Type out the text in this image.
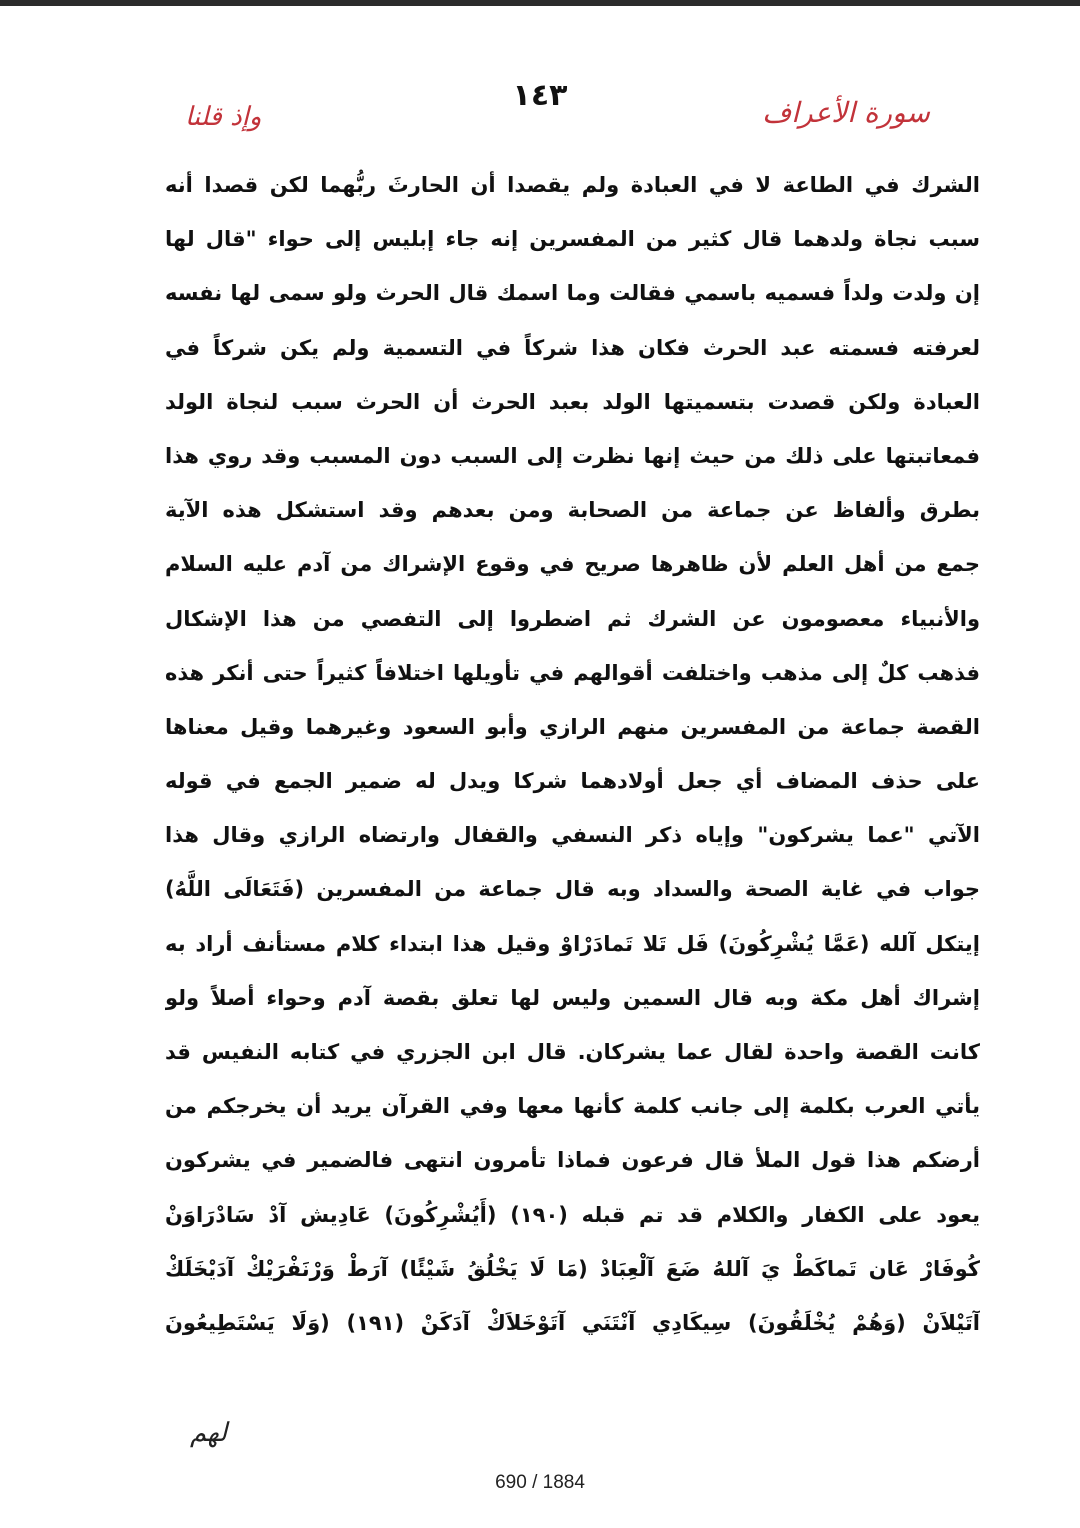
١٤٣	سورة الأعراف
وإذ قلنا
الشرك في الطاعة لا في العبادة ولم يقصدا أن الحارثَ ربُّهما لكن قصدا أنه
سبب نجاة ولدهما قال كثير من المفسرين إنه جاء إبليس إلى حواء "قال لها
إن ولدت ولداً فسميه باسمي فقالت وما اسمك قال الحرث ولو سمى لها نفسه
لعرفته فسمته عبد الحرث فكان هذا شركاً في التسمية ولم يكن شركاً في
العبادة ولكن قصدت بتسميتها الولد بعبد الحرث أن الحرث سبب لنجاة الولد
فمعاتبتها على ذلك من حيث إنها نظرت إلى السبب دون المسبب وقد روي هذا
بطرق وألفاظ عن جماعة من الصحابة ومن بعدهم وقد استشكل هذه الآية
جمع من أهل العلم لأن ظاهرها صريح في وقوع الإشراك من آدم عليه السلام
والأنبياء معصومون عن الشرك ثم اضطروا إلى التفصي من هذا الإشكال
فذهب كلٌ إلى مذهب واختلفت أقوالهم في تأويلها اختلافاً كثيراً حتى أنكر هذه
القصة جماعة من المفسرين منهم الرازي وأبو السعود وغيرهما وقيل معناها
على حذف المضاف أي جعل أولادهما شركا ويدل له ضمير الجمع في قوله
الآتي "عما يشركون" وإياه ذكر النسفي والقفال وارتضاه الرازي وقال هذا
جواب في غاية الصحة والسداد وبه قال جماعة من المفسرين (فَتَعَالَى اللَّهُ)
ﺇﻳﺘﻜﻞ ﺁﻟﻠﻪ (عَمَّا يُشْرِكُونَ) ﻓَﻞ ﺗَﻼ ﺗَﻤﺎﺩَﺭْﺍﻭْ وقيل هذا ابتداء كلام مستأنف أراد به
إشراك أهل مكة وبه قال السمين وليس لها تعلق بقصة آدم وحواء أصلاً ولو
كانت القصة واحدة لقال عما يشركان. قال ابن الجزري في كتابه النفيس قد
يأتي العرب بكلمة إلى جانب كلمة كأنها معها وفي القرآن يريد أن يخرجكم من
أرضكم هذا قول الملأ قال فرعون فماذا تأمرون انتهى فالضمير في يشركون
يعود على الكفار والكلام قد تم قبله (١٩٠) (أَيُشْرِكُونَ) ﻋَﺎﺩِﻳﺶ ﺁﺩْ ﺳَﺎﺩْﺭَﺍﻭَﻥْ
ﻛُﻮﻓَﺎﺭْ ﻋَﺎﻥ ﺗَﻤﺎﻛَﻂْ ﻱَ ﺁﻟﻠﻪُ ﺿَﻊَ ﺁﻟْﻌِﺒَﺎﺩْ (مَا لَا يَخْلُقُ شَيْئًا) ﺁﺭَﻁْ ﻭَﺭْﻧَﻔْﺮَﻳْﻚْ ﺁﺩَﻳْﺨَﻠَﻚْ
ﺁﺗَﻴْﻼَﻥْ (وَهُمْ يُخْلَقُونَ) ﺳِﻴﻜَﺎﺩِﻱ ﺁﻧْﺘَﻨَﻲ ﺁﺗَﻮْﺧَﻼَﻙْ ﺁﺩَﻛَﻦْ (١٩١) (وَلَا يَسْتَطِيعُونَ
لهم
690 / 1884
